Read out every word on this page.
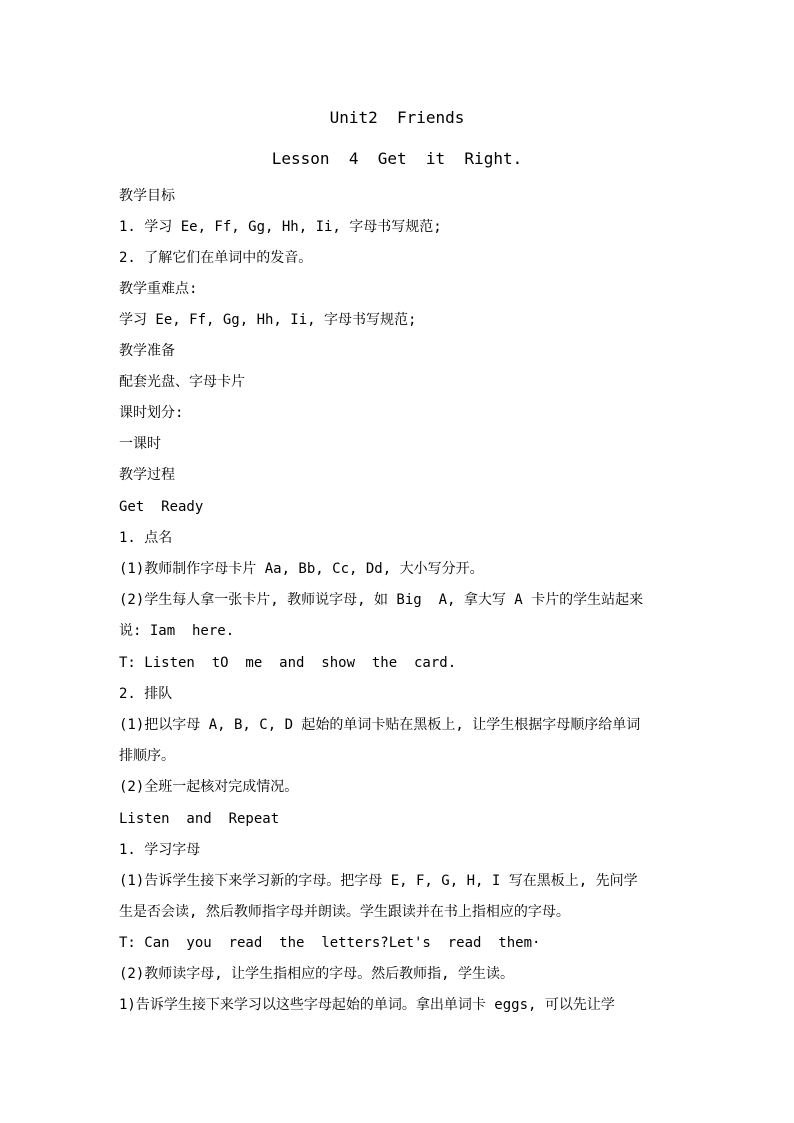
Unit2  Friends
Lesson  4  Get  it  Right.
教学目标
1. 学习 Ee, Ff, Gg, Hh, Ii, 字母书写规范;
2. 了解它们在单词中的发音。
教学重难点:
学习 Ee, Ff, Gg, Hh, Ii, 字母书写规范;
教学准备
配套光盘、字母卡片
课时划分:
一课时
教学过程
Get  Ready
1. 点名
(1)教师制作字母卡片 Aa, Bb, Cc, Dd, 大小写分开。
(2)学生每人拿一张卡片, 教师说字母, 如 Big  A, 拿大写 A 卡片的学生站起来
说: Iam  here.
T: Listen  tO  me  and  show  the  card.
2. 排队
(1)把以字母 A, B, C, D 起始的单词卡贴在黑板上, 让学生根据字母顺序给单词
排顺序。
(2)全班一起核对完成情况。
Listen  and  Repeat
1. 学习字母
(1)告诉学生接下来学习新的字母。把字母 E, F, G, H, I 写在黑板上, 先问学
生是否会读, 然后教师指字母并朗读。学生跟读并在书上指相应的字母。
T: Can  you  read  the  letters?Let's  read  them·
(2)教师读字母, 让学生指相应的字母。然后教师指, 学生读。
1)告诉学生接下来学习以这些字母起始的单词。拿出单词卡 eggs, 可以先让学
